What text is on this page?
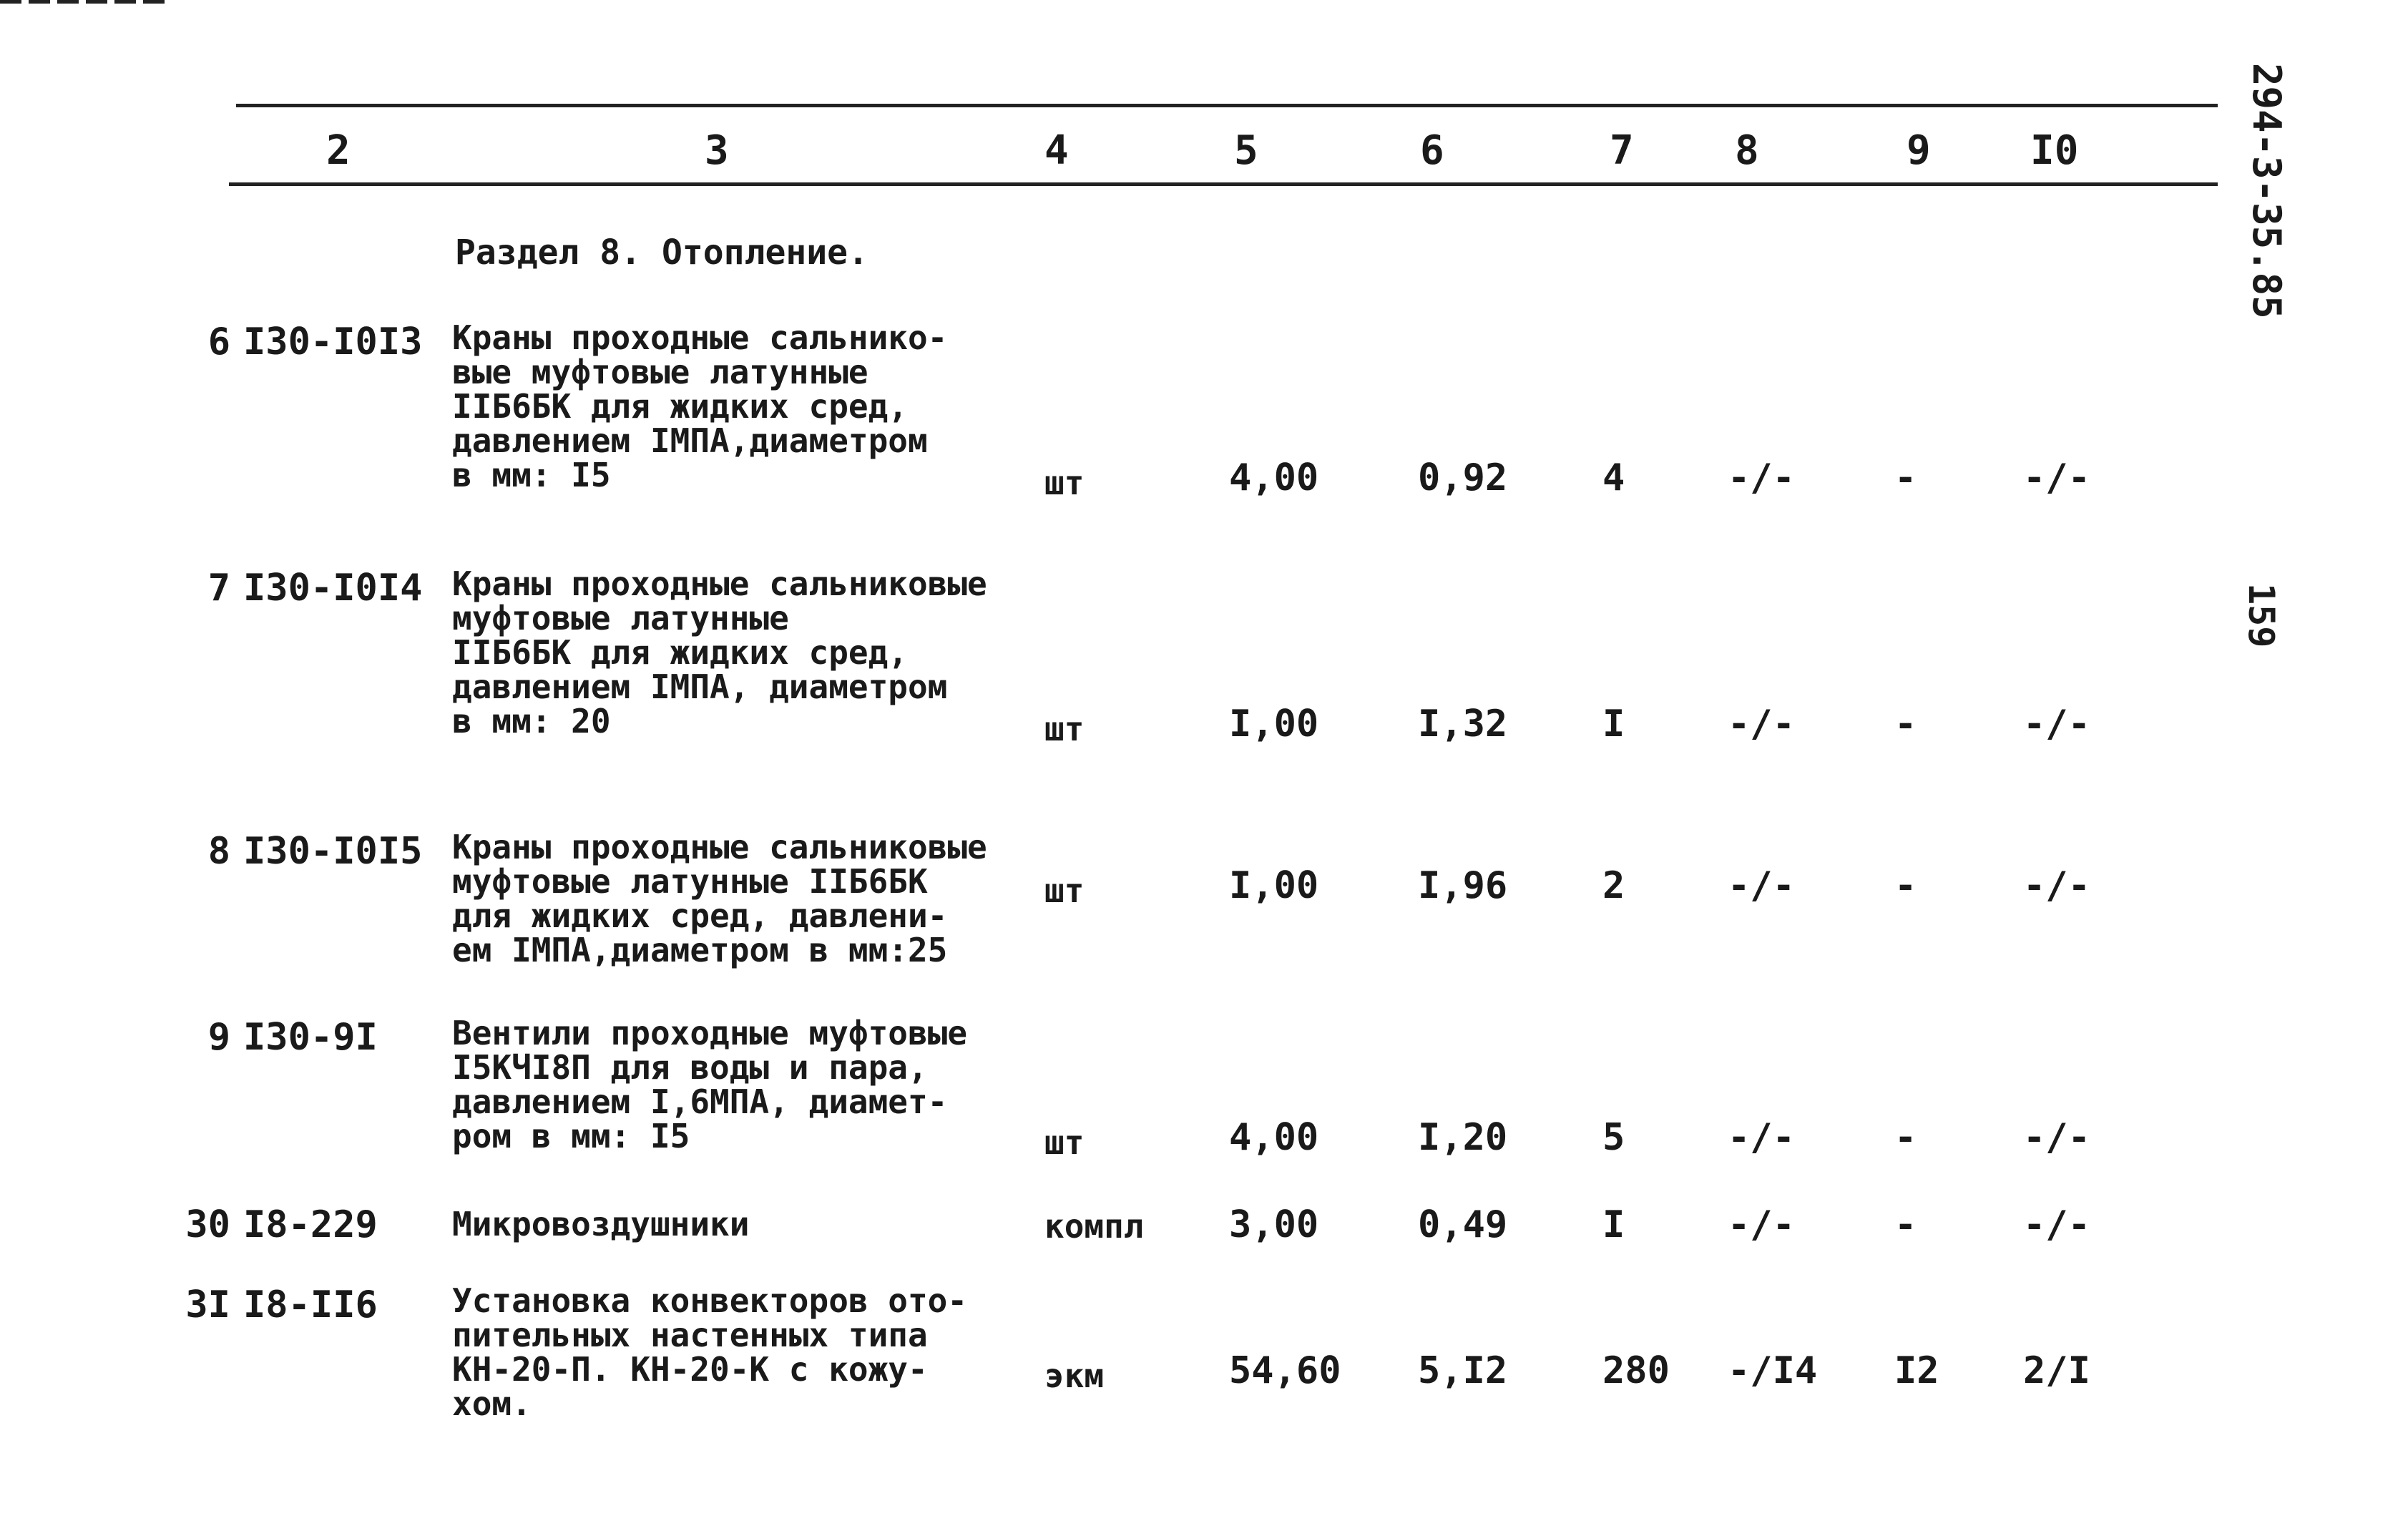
2	3	4	5	6	7	8	9 I0	294-3-35.85
159
Раздел 8. Отопление.
6 I30-I0I3 Краны проходные сальнико-
вые муфтовые латунные
IIБ6БК для жидких сред,
давлением IМПА,диаметром
в мм: I5	шт	4,00	0,92	4	-/-	-	-/-
7 I30-I0I4 Краны проходные сальниковые
муфтовые латунные
IIБ6БК для жидких сред,
давлением IМПА, диаметром
в мм: 20	шт	I,00	I,32	I	-/-	-	-/-
8 I30-I0I5 Краны проходные сальниковые
муфтовые латунные IIБ6БК
для жидких сред, давлени-
ем IМПА,диаметром в мм:25
шт	I,00	I,96	2	-/-	-	-/-
9 I30-9I Вентили проходные муфтовые
I5КЧI8П для воды и пара,
давлением I,6МПА, диамет-
ром в мм: I5	шт	4,00	I,20	5	-/-	-	-/-
30 I8-229 Микровоздушники	компл 3,00	0,49	I	-/-	-	-/-
3I I8-II6 Установка конвекторов ото-
пительных настенных типа
КН-20-П. КН-20-К с кожу-
хом.
экм	54,60 5,I2	280 -/I4 I2 2/I
